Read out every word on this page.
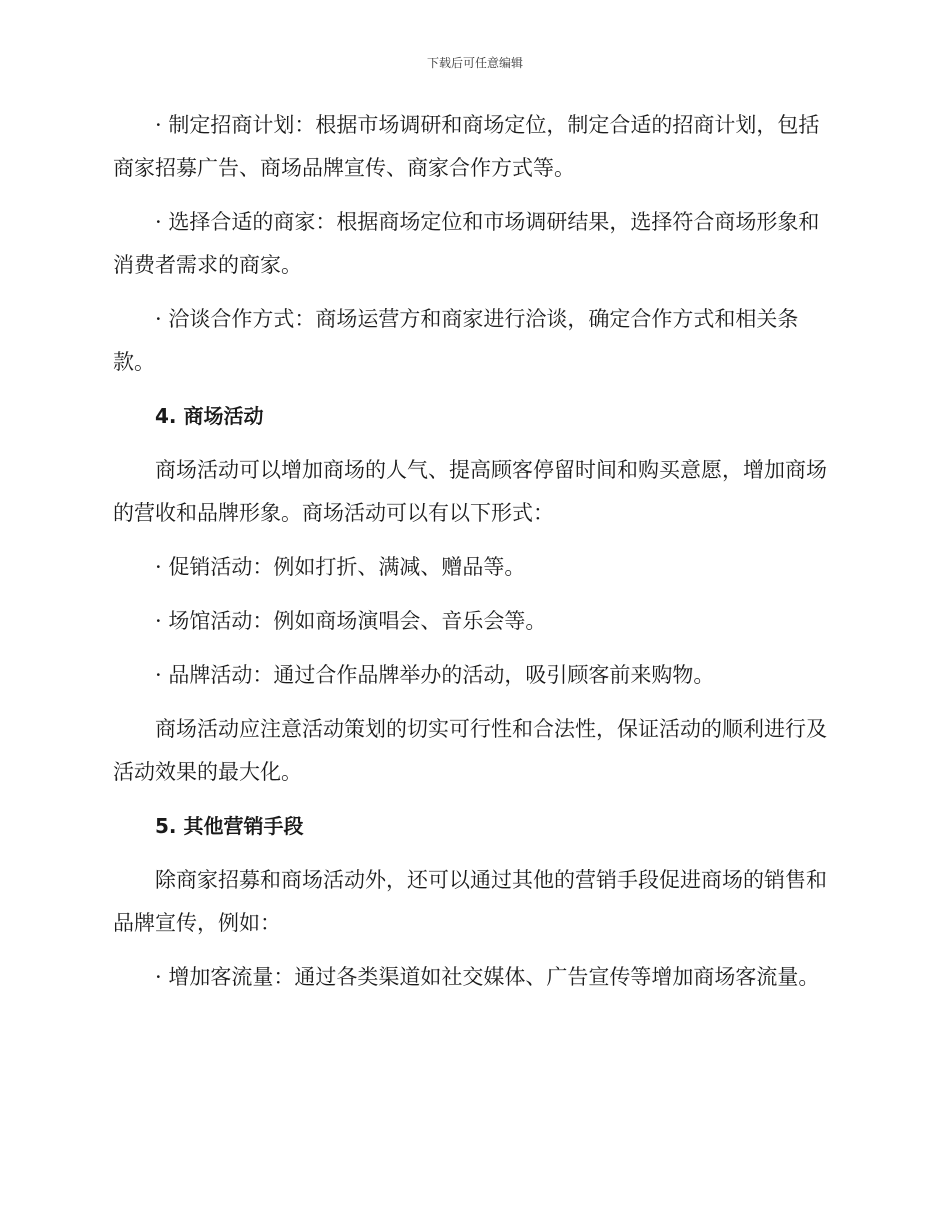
下载后可任意编辑

· 制定招商计划：根据市场调研和商场定位，制定合适的招商计划，包括商家招募广告、商场品牌宣传、商家合作方式等。

· 选择合适的商家：根据商场定位和市场调研结果，选择符合商场形象和消费者需求的商家。

· 洽谈合作方式：商场运营方和商家进行洽谈，确定合作方式和相关条款。

4. 商场活动

商场活动可以增加商场的人气、提高顾客停留时间和购买意愿，增加商场的营收和品牌形象。商场活动可以有以下形式：

· 促销活动：例如打折、满减、赠品等。

· 场馆活动：例如商场演唱会、音乐会等。

· 品牌活动：通过合作品牌举办的活动，吸引顾客前来购物。

商场活动应注意活动策划的切实可行性和合法性，保证活动的顺利进行及活动效果的最大化。

5. 其他营销手段

除商家招募和商场活动外，还可以通过其他的营销手段促进商场的销售和品牌宣传，例如：

· 增加客流量：通过各类渠道如社交媒体、广告宣传等增加商场客流量。
